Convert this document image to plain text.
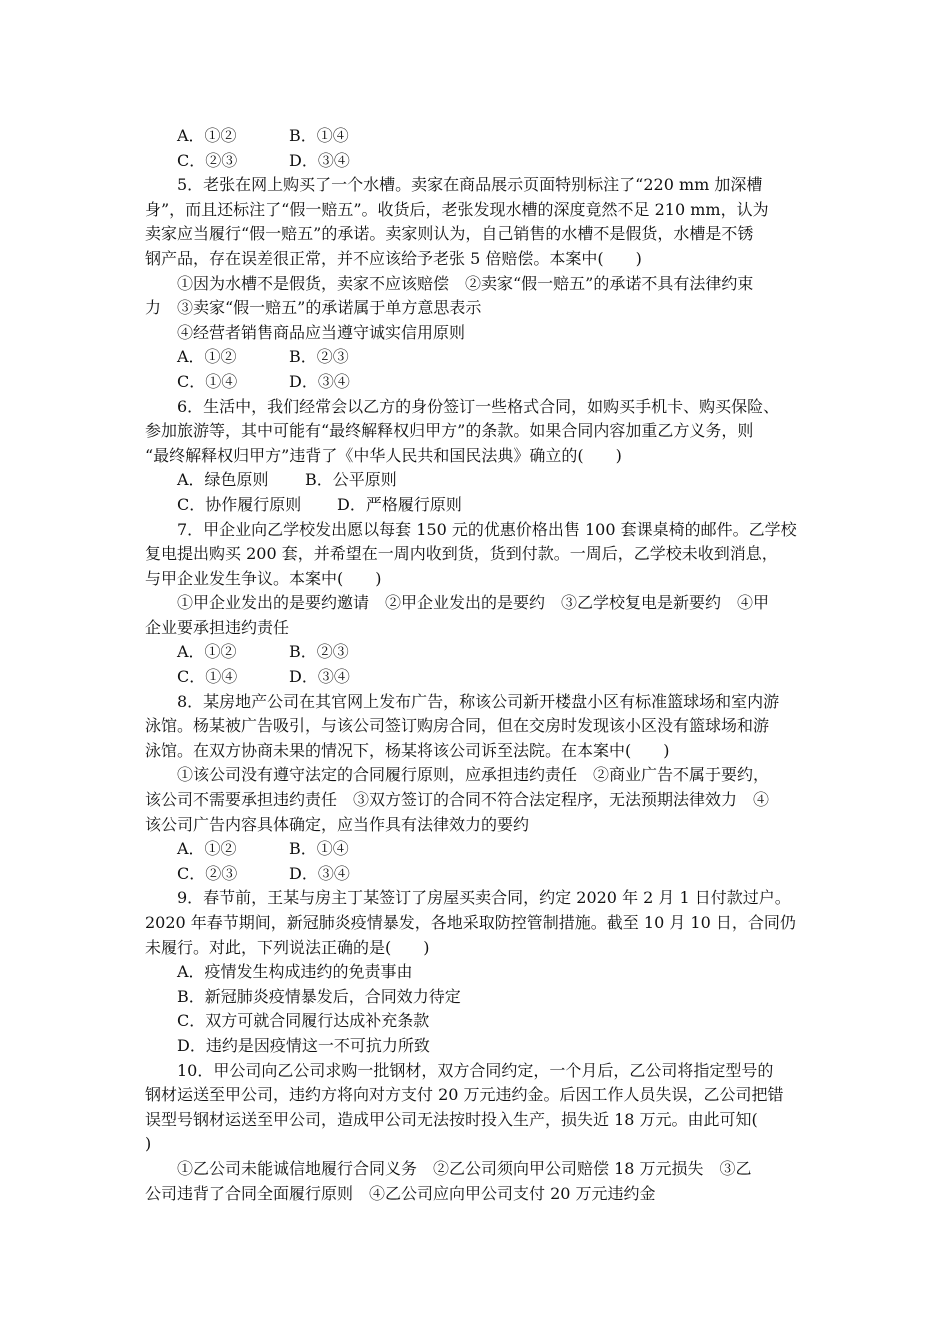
A．①②	B．①④
C．②③	D．③④
5．老张在网上购买了一个水槽。卖家在商品展示页面特别标注了“220 mm 加深槽
身”，而且还标注了“假一赔五”。收货后，老张发现水槽的深度竟然不足 210 mm，认为
卖家应当履行“假一赔五”的承诺。卖家则认为，自己销售的水槽不是假货，水槽是不锈
钢产品，存在误差很正常，并不应该给予老张 5 倍赔偿。本案中(　　)
①因为水槽不是假货，卖家不应该赔偿　②卖家“假一赔五”的承诺不具有法律约束
力　③卖家“假一赔五”的承诺属于单方意思表示
④经营者销售商品应当遵守诚实信用原则
A．①②	B．②③
C．①④	D．③④
6．生活中，我们经常会以乙方的身份签订一些格式合同，如购买手机卡、购买保险、
参加旅游等，其中可能有“最终解释权归甲方”的条款。如果合同内容加重乙方义务，则
“最终解释权归甲方”违背了《中华人民共和国民法典》确立的(　　)
A．绿色原则 B．公平原则
C．协作履行原则 D．严格履行原则
7．甲企业向乙学校发出愿以每套 150 元的优惠价格出售 100 套课桌椅的邮件。乙学校
复电提出购买 200 套，并希望在一周内收到货，货到付款。一周后，乙学校未收到消息，
与甲企业发生争议。本案中(　　)
①甲企业发出的是要约邀请　②甲企业发出的是要约　③乙学校复电是新要约　④甲
企业要承担违约责任
A．①②	B．②③
C．①④	D．③④
8．某房地产公司在其官网上发布广告，称该公司新开楼盘小区有标准篮球场和室内游
泳馆。杨某被广告吸引，与该公司签订购房合同，但在交房时发现该小区没有篮球场和游
泳馆。在双方协商未果的情况下，杨某将该公司诉至法院。在本案中(　　)
①该公司没有遵守法定的合同履行原则，应承担违约责任　②商业广告不属于要约，
该公司不需要承担违约责任　③双方签订的合同不符合法定程序，无法预期法律效力　④
该公司广告内容具体确定，应当作具有法律效力的要约
A．①②	B．①④
C．②③	D．③④
9．春节前，王某与房主丁某签订了房屋买卖合同，约定 2020 年 2 月 1 日付款过户。
2020 年春节期间，新冠肺炎疫情暴发，各地采取防控管制措施。截至 10 月 10 日，合同仍
未履行。对此，下列说法正确的是(　　)
A．疫情发生构成违约的免责事由
B．新冠肺炎疫情暴发后，合同效力待定
C．双方可就合同履行达成补充条款
D．违约是因疫情这一不可抗力所致
10．甲公司向乙公司求购一批钢材，双方合同约定，一个月后，乙公司将指定型号的
钢材运送至甲公司，违约方将向对方支付 20 万元违约金。后因工作人员失误，乙公司把错
误型号钢材运送至甲公司，造成甲公司无法按时投入生产，损失近 18 万元。由此可知(
)
①乙公司未能诚信地履行合同义务　②乙公司须向甲公司赔偿 18 万元损失　③乙
公司违背了合同全面履行原则　④乙公司应向甲公司支付 20 万元违约金
